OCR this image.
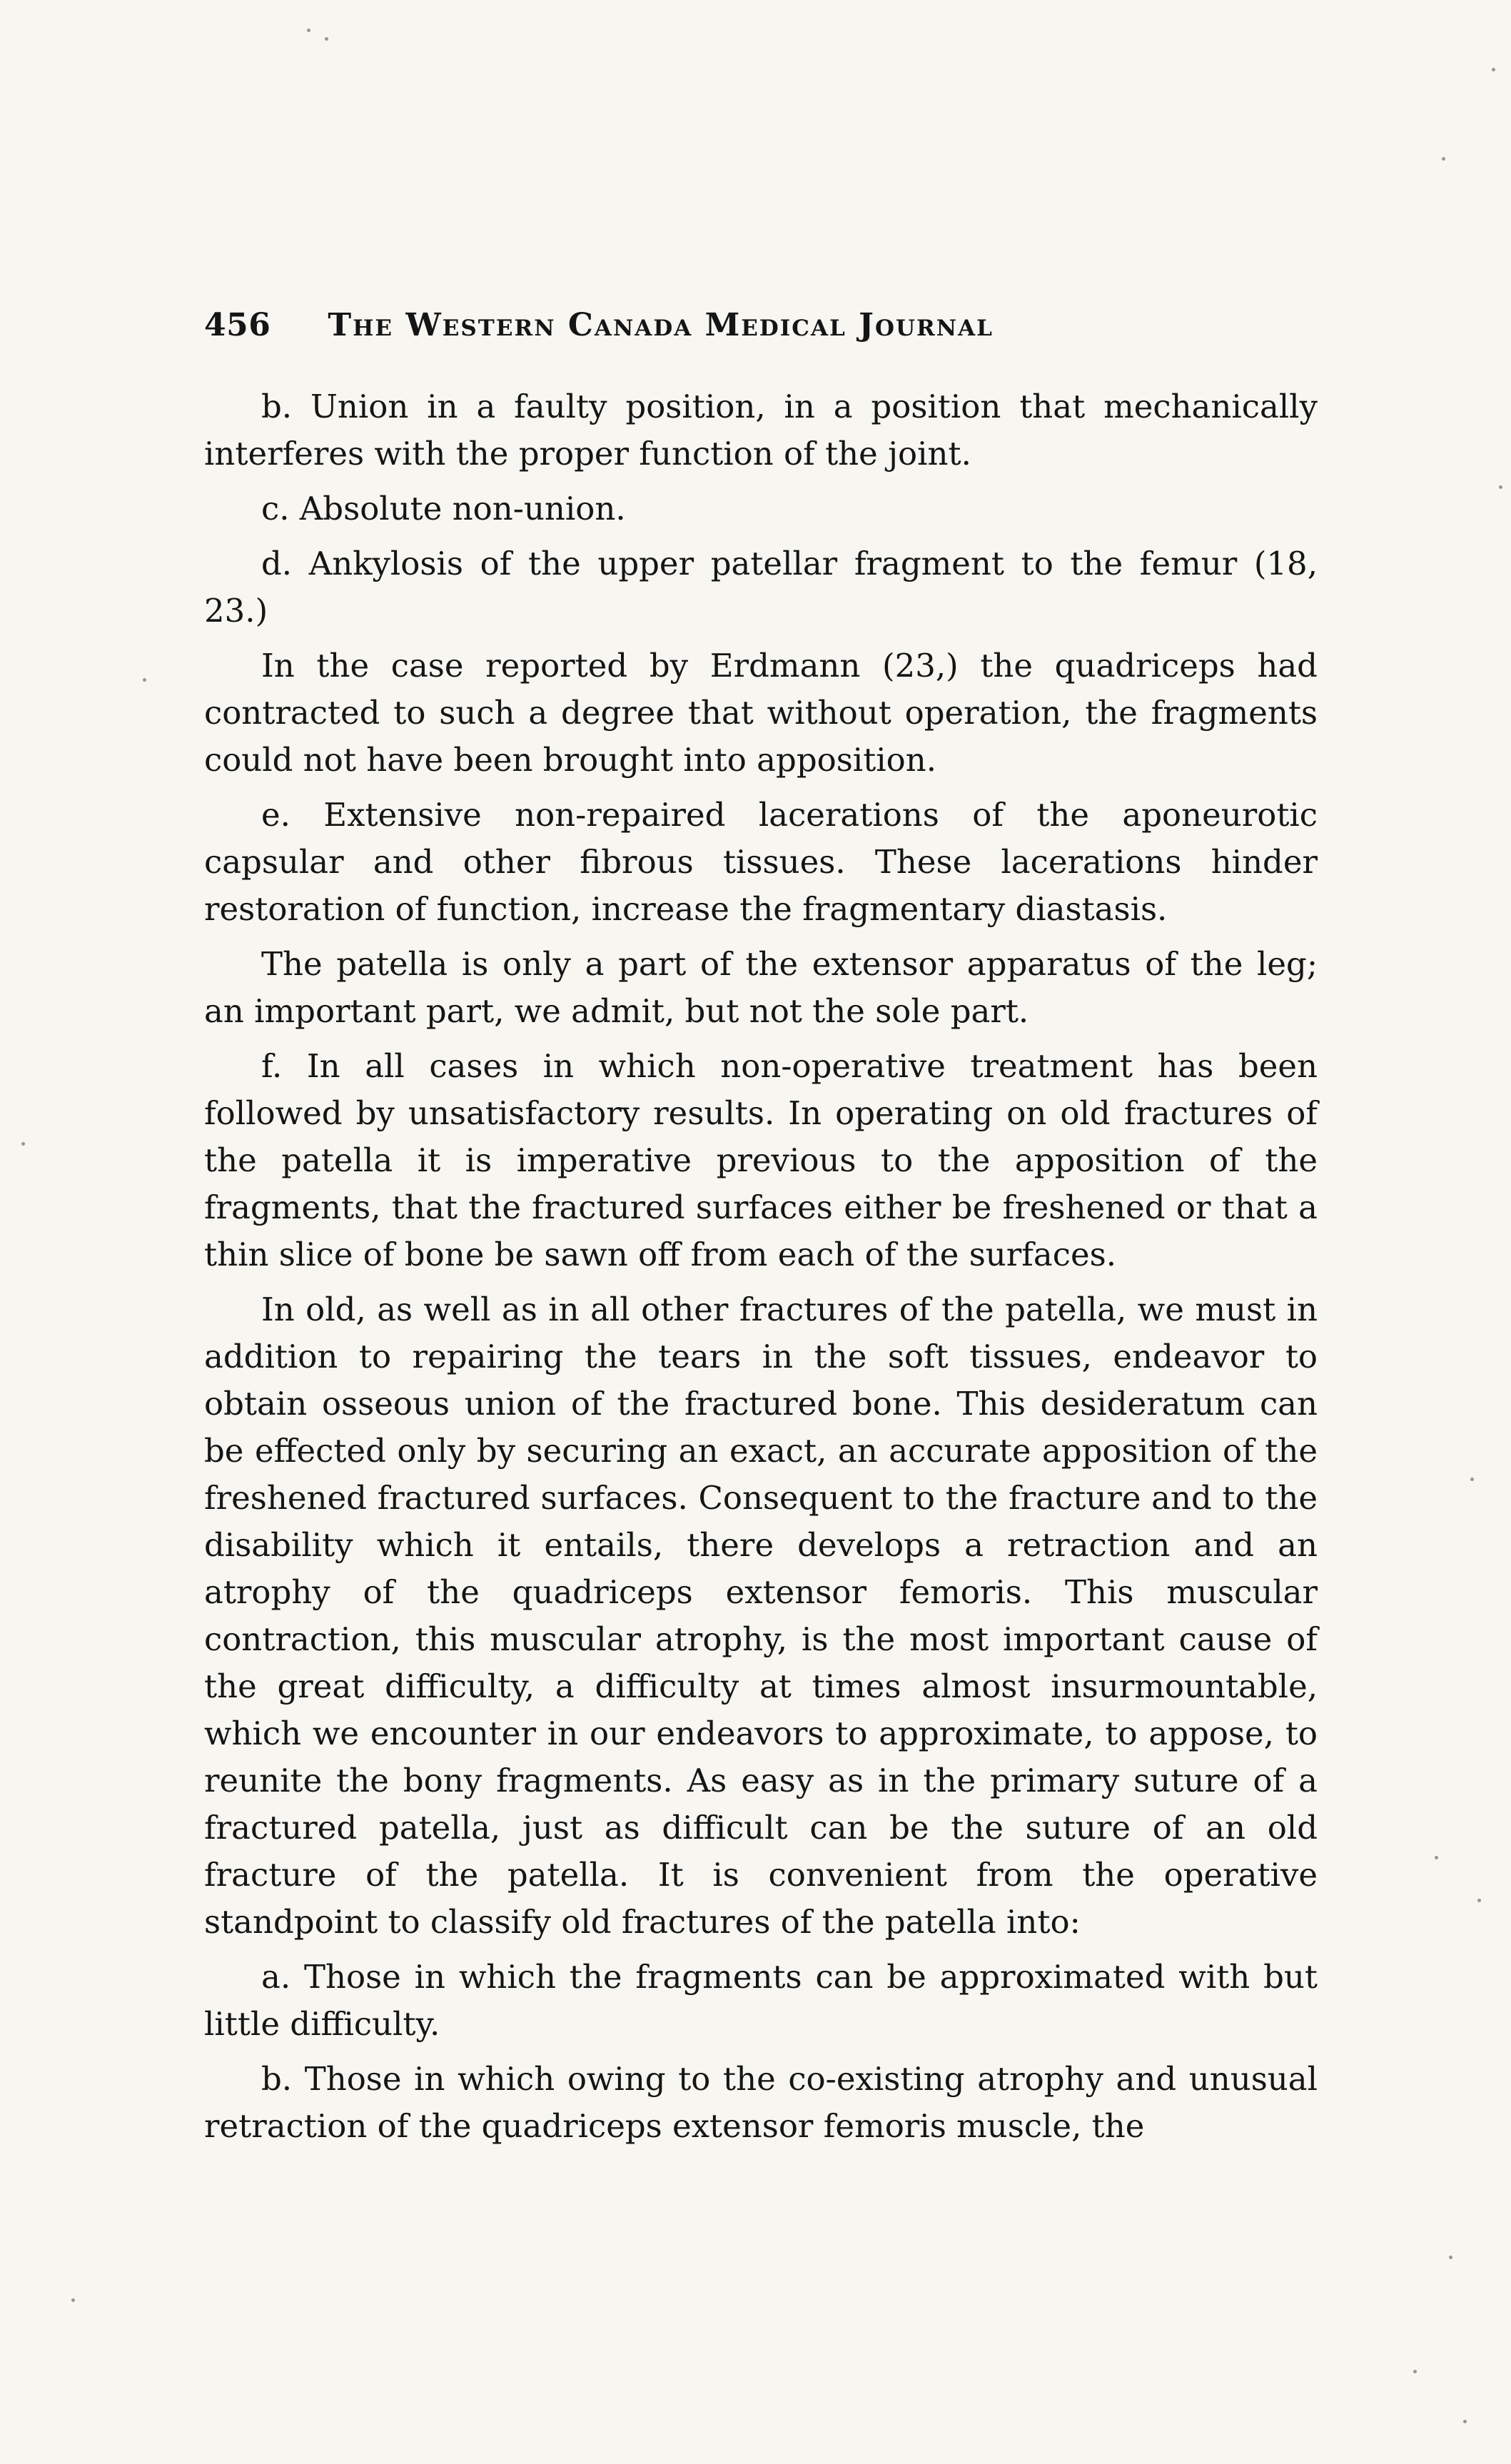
456 The Western Canada Medical Journal

b. Union in a faulty position, in a position that mechanically interferes with the proper function of the joint.

c. Absolute non-union.

d. Ankylosis of the upper patellar fragment to the femur (18, 23.)

In the case reported by Erdmann (23,) the quadriceps had contracted to such a degree that without operation, the fragments could not have been brought into apposition.

e. Extensive non-repaired lacerations of the aponeurotic capsular and other fibrous tissues. These lacerations hinder restoration of function, increase the fragmentary diastasis.

The patella is only a part of the extensor apparatus of the leg; an important part, we admit, but not the sole part.

f. In all cases in which non-operative treatment has been followed by unsatisfactory results. In operating on old fractures of the patella it is imperative previous to the apposition of the fragments, that the fractured surfaces either be freshened or that a thin slice of bone be sawn off from each of the surfaces.

In old, as well as in all other fractures of the patella, we must in addition to repairing the tears in the soft tissues, endeavor to obtain osseous union of the fractured bone. This desideratum can be effected only by securing an exact, an accurate apposition of the freshened fractured surfaces. Consequent to the fracture and to the disability which it entails, there develops a retraction and an atrophy of the quadriceps extensor femoris. This muscular contraction, this muscular atrophy, is the most important cause of the great difficulty, a difficulty at times almost insurmountable, which we encounter in our endeavors to approximate, to appose, to reunite the bony fragments. As easy as in the primary suture of a fractured patella, just as difficult can be the suture of an old fracture of the patella. It is convenient from the operative standpoint to classify old fractures of the patella into:

a. Those in which the fragments can be approximated with but little difficulty.

b. Those in which owing to the co-existing atrophy and unusual retraction of the quadriceps extensor femoris muscle, the
